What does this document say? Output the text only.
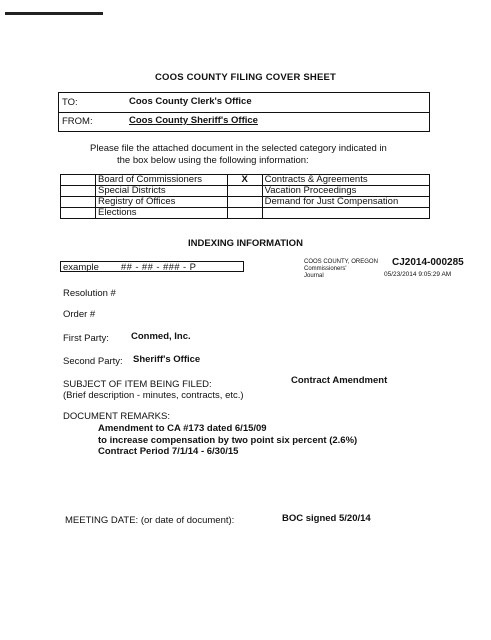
COOS COUNTY FILING COVER SHEET
TO:	Coos County Clerk's Office
FROM:	Coos County Sheriff's Office
Please file the attached document in the selected category indicated in
the box below using the following information:
	Board of Commissioners	X	Contracts & Agreements
	Special Districts		Vacation Proceedings
	Registry of Offices		Demand for Just Compensation
	Elections		
INDEXING INFORMATION
example ## - ## - ### - P	COOS COUNTY, OREGON
Commissioners'
Journal
CJ2014-000285
05/23/2014 9:05:29 AM
Resolution #
Order #
First Party: Conmed, Inc.
Second Party: Sheriff's Office
SUBJECT OF ITEM BEING FILED:
(Brief description - minutes, contracts, etc.)
Contract Amendment
DOCUMENT REMARKS:
Amendment to CA #173 dated 6/15/09
to increase compensation by two point six percent (2.6%)
Contract Period 7/1/14 - 6/30/15
MEETING DATE: (or date of document):	BOC signed 5/20/14
